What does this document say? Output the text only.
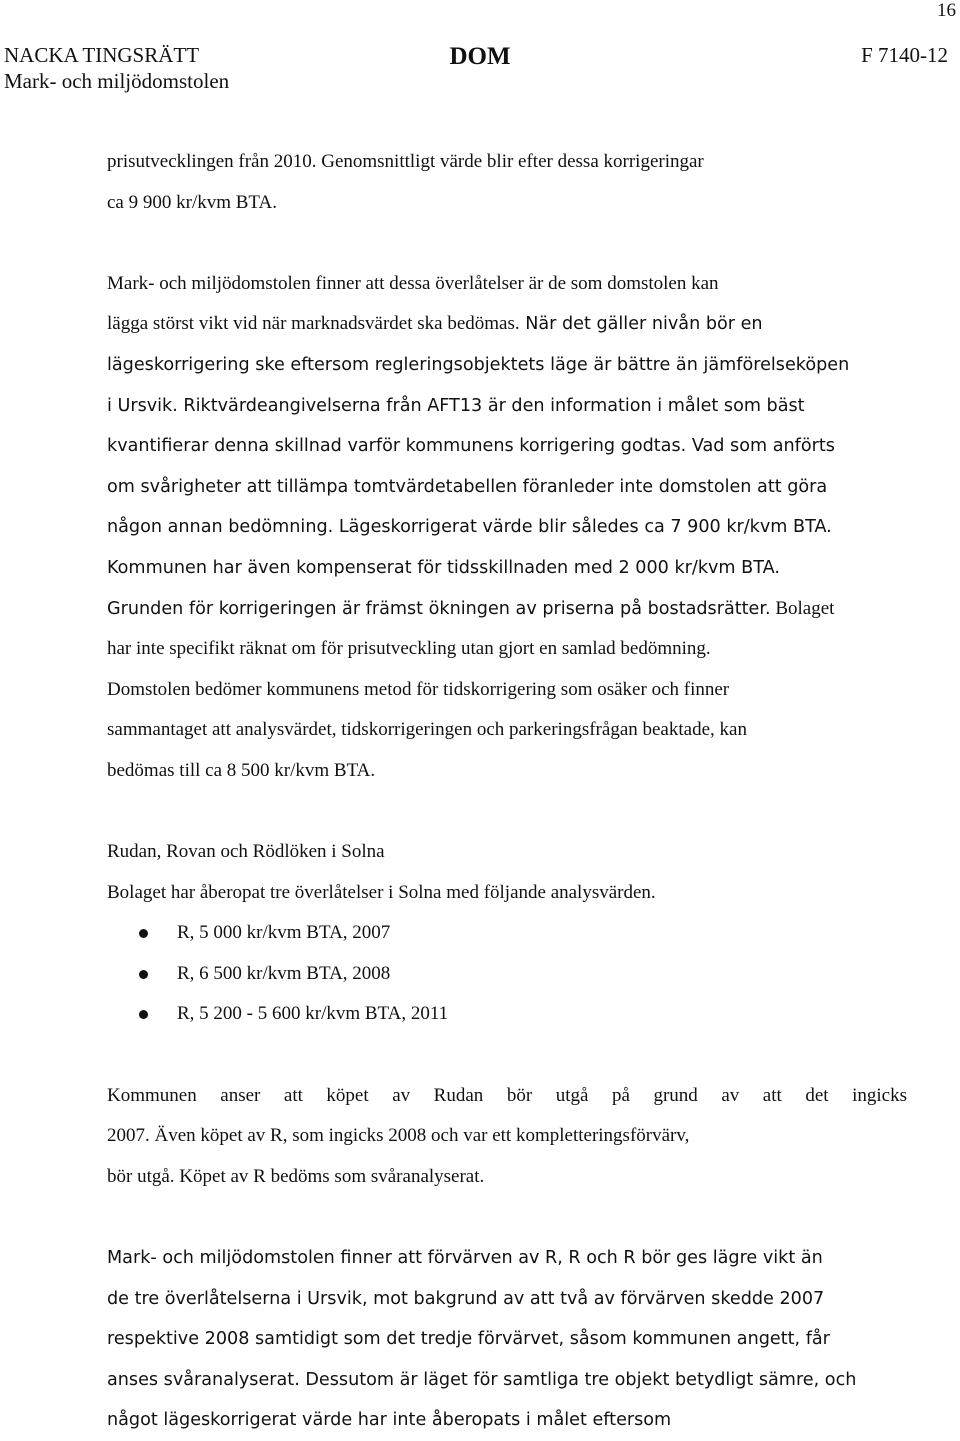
16
NACKA TINGSRÄTT
Mark- och miljödomstolen
DOM	F 7140-12
prisutvecklingen från 2010. Genomsnittligt värde blir efter dessa korrigeringar
ca 9 900 kr/kvm BTA.
Mark- och miljödomstolen finner att dessa överlåtelser är de som domstolen kan
lägga störst vikt vid när marknadsvärdet ska bedömas. När det gäller nivån bör en
lägeskorrigering ske eftersom regleringsobjektets läge är bättre än jämförelseköpen
i Ursvik. Riktvärdeangivelserna från AFT13 är den information i målet som bäst
kvantifierar denna skillnad varför kommunens korrigering godtas. Vad som anförts
om svårigheter att tillämpa tomtvärdetabellen föranleder inte domstolen att göra
någon annan bedömning. Lägeskorrigerat värde blir således ca 7 900 kr/kvm BTA.
Kommunen har även kompenserat för tidsskillnaden med 2 000 kr/kvm BTA.
Grunden för korrigeringen är främst ökningen av priserna på bostadsrätter. Bolaget
har inte specifikt räknat om för prisutveckling utan gjort en samlad bedömning.
Domstolen bedömer kommunens metod för tidskorrigering som osäker och finner
sammantaget att analysvärdet, tidskorrigeringen och parkeringsfrågan beaktade, kan
bedömas till ca 8 500 kr/kvm BTA.
Rudan, Rovan och Rödlöken i Solna
Bolaget har åberopat tre överlåtelser i Solna med följande analysvärden.
R, 5 000 kr/kvm BTA, 2007
R, 6 500 kr/kvm BTA, 2008
R, 5 200 - 5 600 kr/kvm BTA, 2011
Kommunen anser att köpet av Rudan bör utgå på grund av att det ingicks
2007. Även köpet av R, som ingicks 2008 och var ett kompletteringsförvärv,
bör utgå. Köpet av R bedöms som svåranalyserat.
Mark- och miljödomstolen finner att förvärven av R, R och R bör ges lägre vikt än
de tre överlåtelserna i Ursvik, mot bakgrund av att två av förvärven skedde 2007
respektive 2008 samtidigt som det tredje förvärvet, såsom kommunen angett, får
anses svåranalyserat. Dessutom är läget för samtliga tre objekt betydligt sämre, och
något lägeskorrigerat värde har inte åberopats i målet eftersom
